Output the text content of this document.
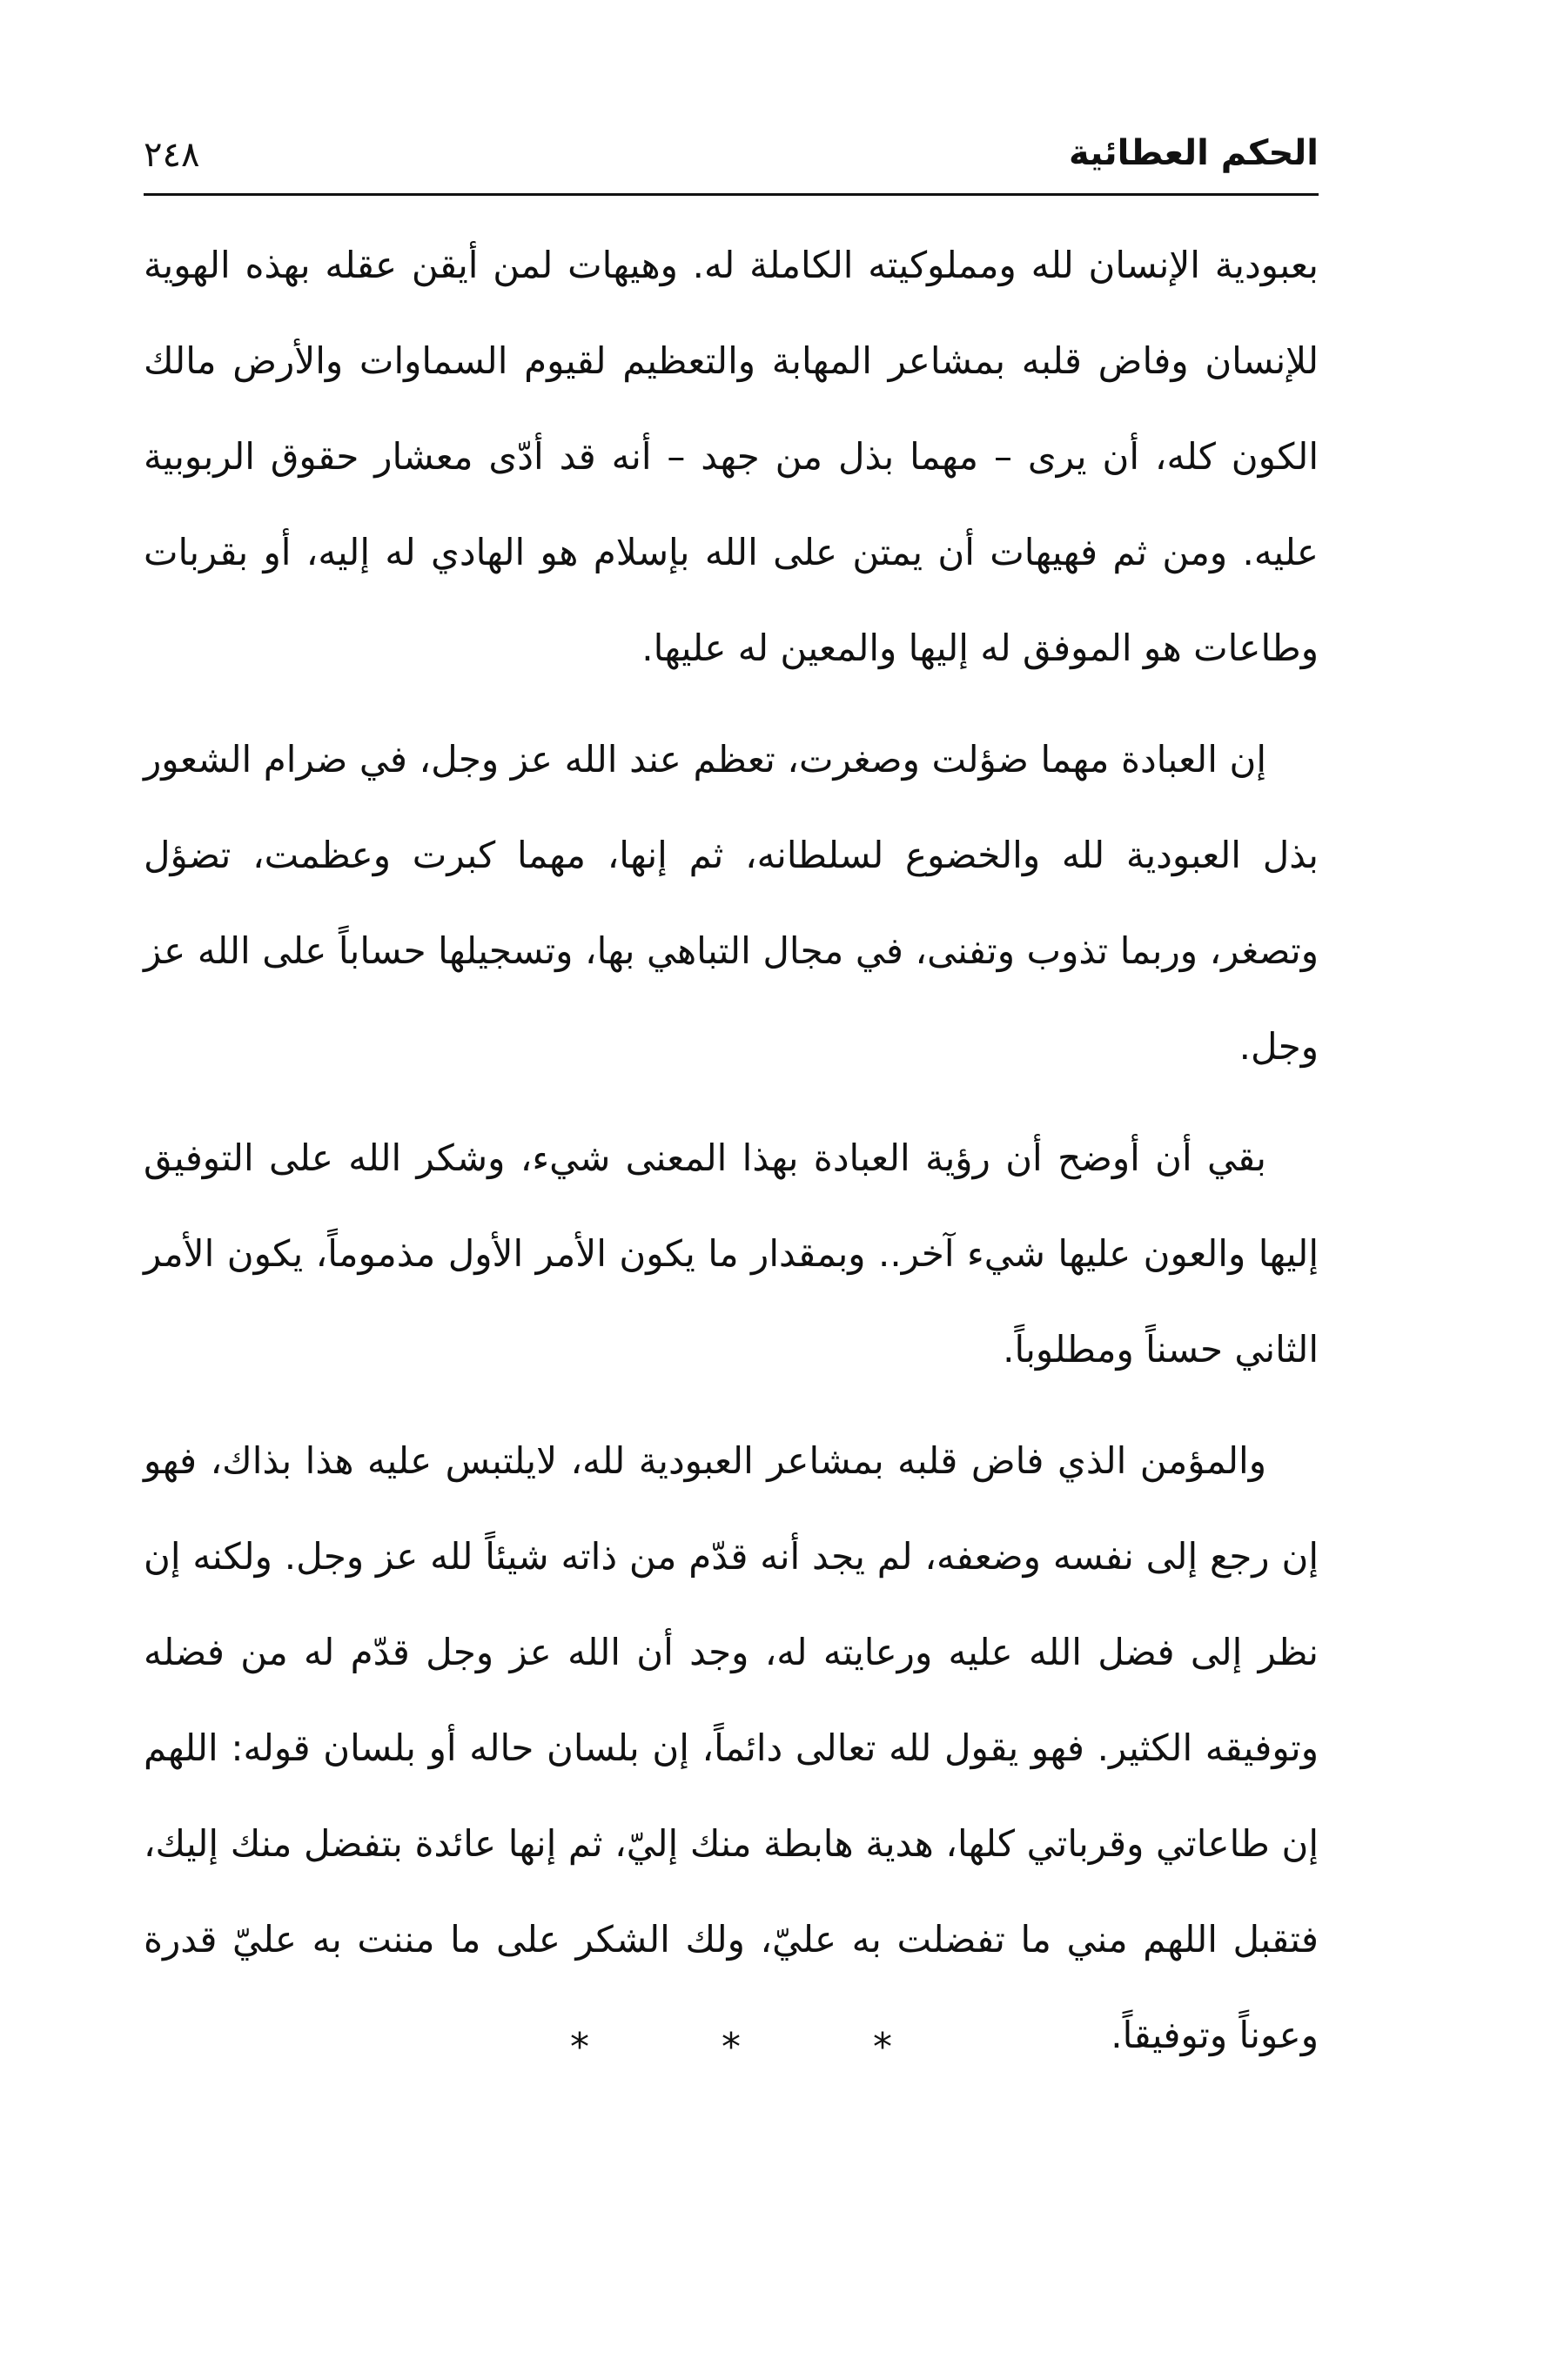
٢٤٨	الحكم العطائية

بعبودية الإنسان لله ومملوكيته الكاملة له. وهيهات لمن أيقن عقله بهذه الهوية للإنسان وفاض قلبه بمشاعر المهابة والتعظيم لقيوم السماوات والأرض مالك الكون كله، أن يرى – مهما بذل من جهد – أنه قد أدّى معشار حقوق الربوبية عليه. ومن ثم فهيهات أن يمتن على الله بإسلام هو الهادي له إليه، أو بقربات وطاعات هو الموفق له إليها والمعين له عليها.

إن العبادة مهما ضؤلت وصغرت، تعظم عند الله عز وجل، في ضرام الشعور بذل العبودية لله والخضوع لسلطانه، ثم إنها، مهما كبرت وعظمت، تضؤل وتصغر، وربما تذوب وتفنى، في مجال التباهي بها، وتسجيلها حساباً على الله عز وجل.

بقي أن أوضح أن رؤية العبادة بهذا المعنى شيء، وشكر الله على التوفيق إليها والعون عليها شيء آخر.. وبمقدار ما يكون الأمر الأول مذموماً، يكون الأمر الثاني حسناً ومطلوباً.

والمؤمن الذي فاض قلبه بمشاعر العبودية لله، لايلتبس عليه هذا بذاك، فهو إن رجع إلى نفسه وضعفه، لم يجد أنه قدّم من ذاته شيئاً لله عز وجل. ولكنه إن نظر إلى فضل الله عليه ورعايته له، وجد أن الله عز وجل قدّم له من فضله وتوفيقه الكثير. فهو يقول لله تعالى دائماً، إن بلسان حاله أو بلسان قوله: اللهم إن طاعاتي وقرباتي كلها، هدية هابطة منك إليّ، ثم إنها عائدة بتفضل منك إليك، فتقبل اللهم مني ما تفضلت به عليّ، ولك الشكر على ما مننت به عليّ قدرة وعوناً وتوفيقاً.

*	*	*
